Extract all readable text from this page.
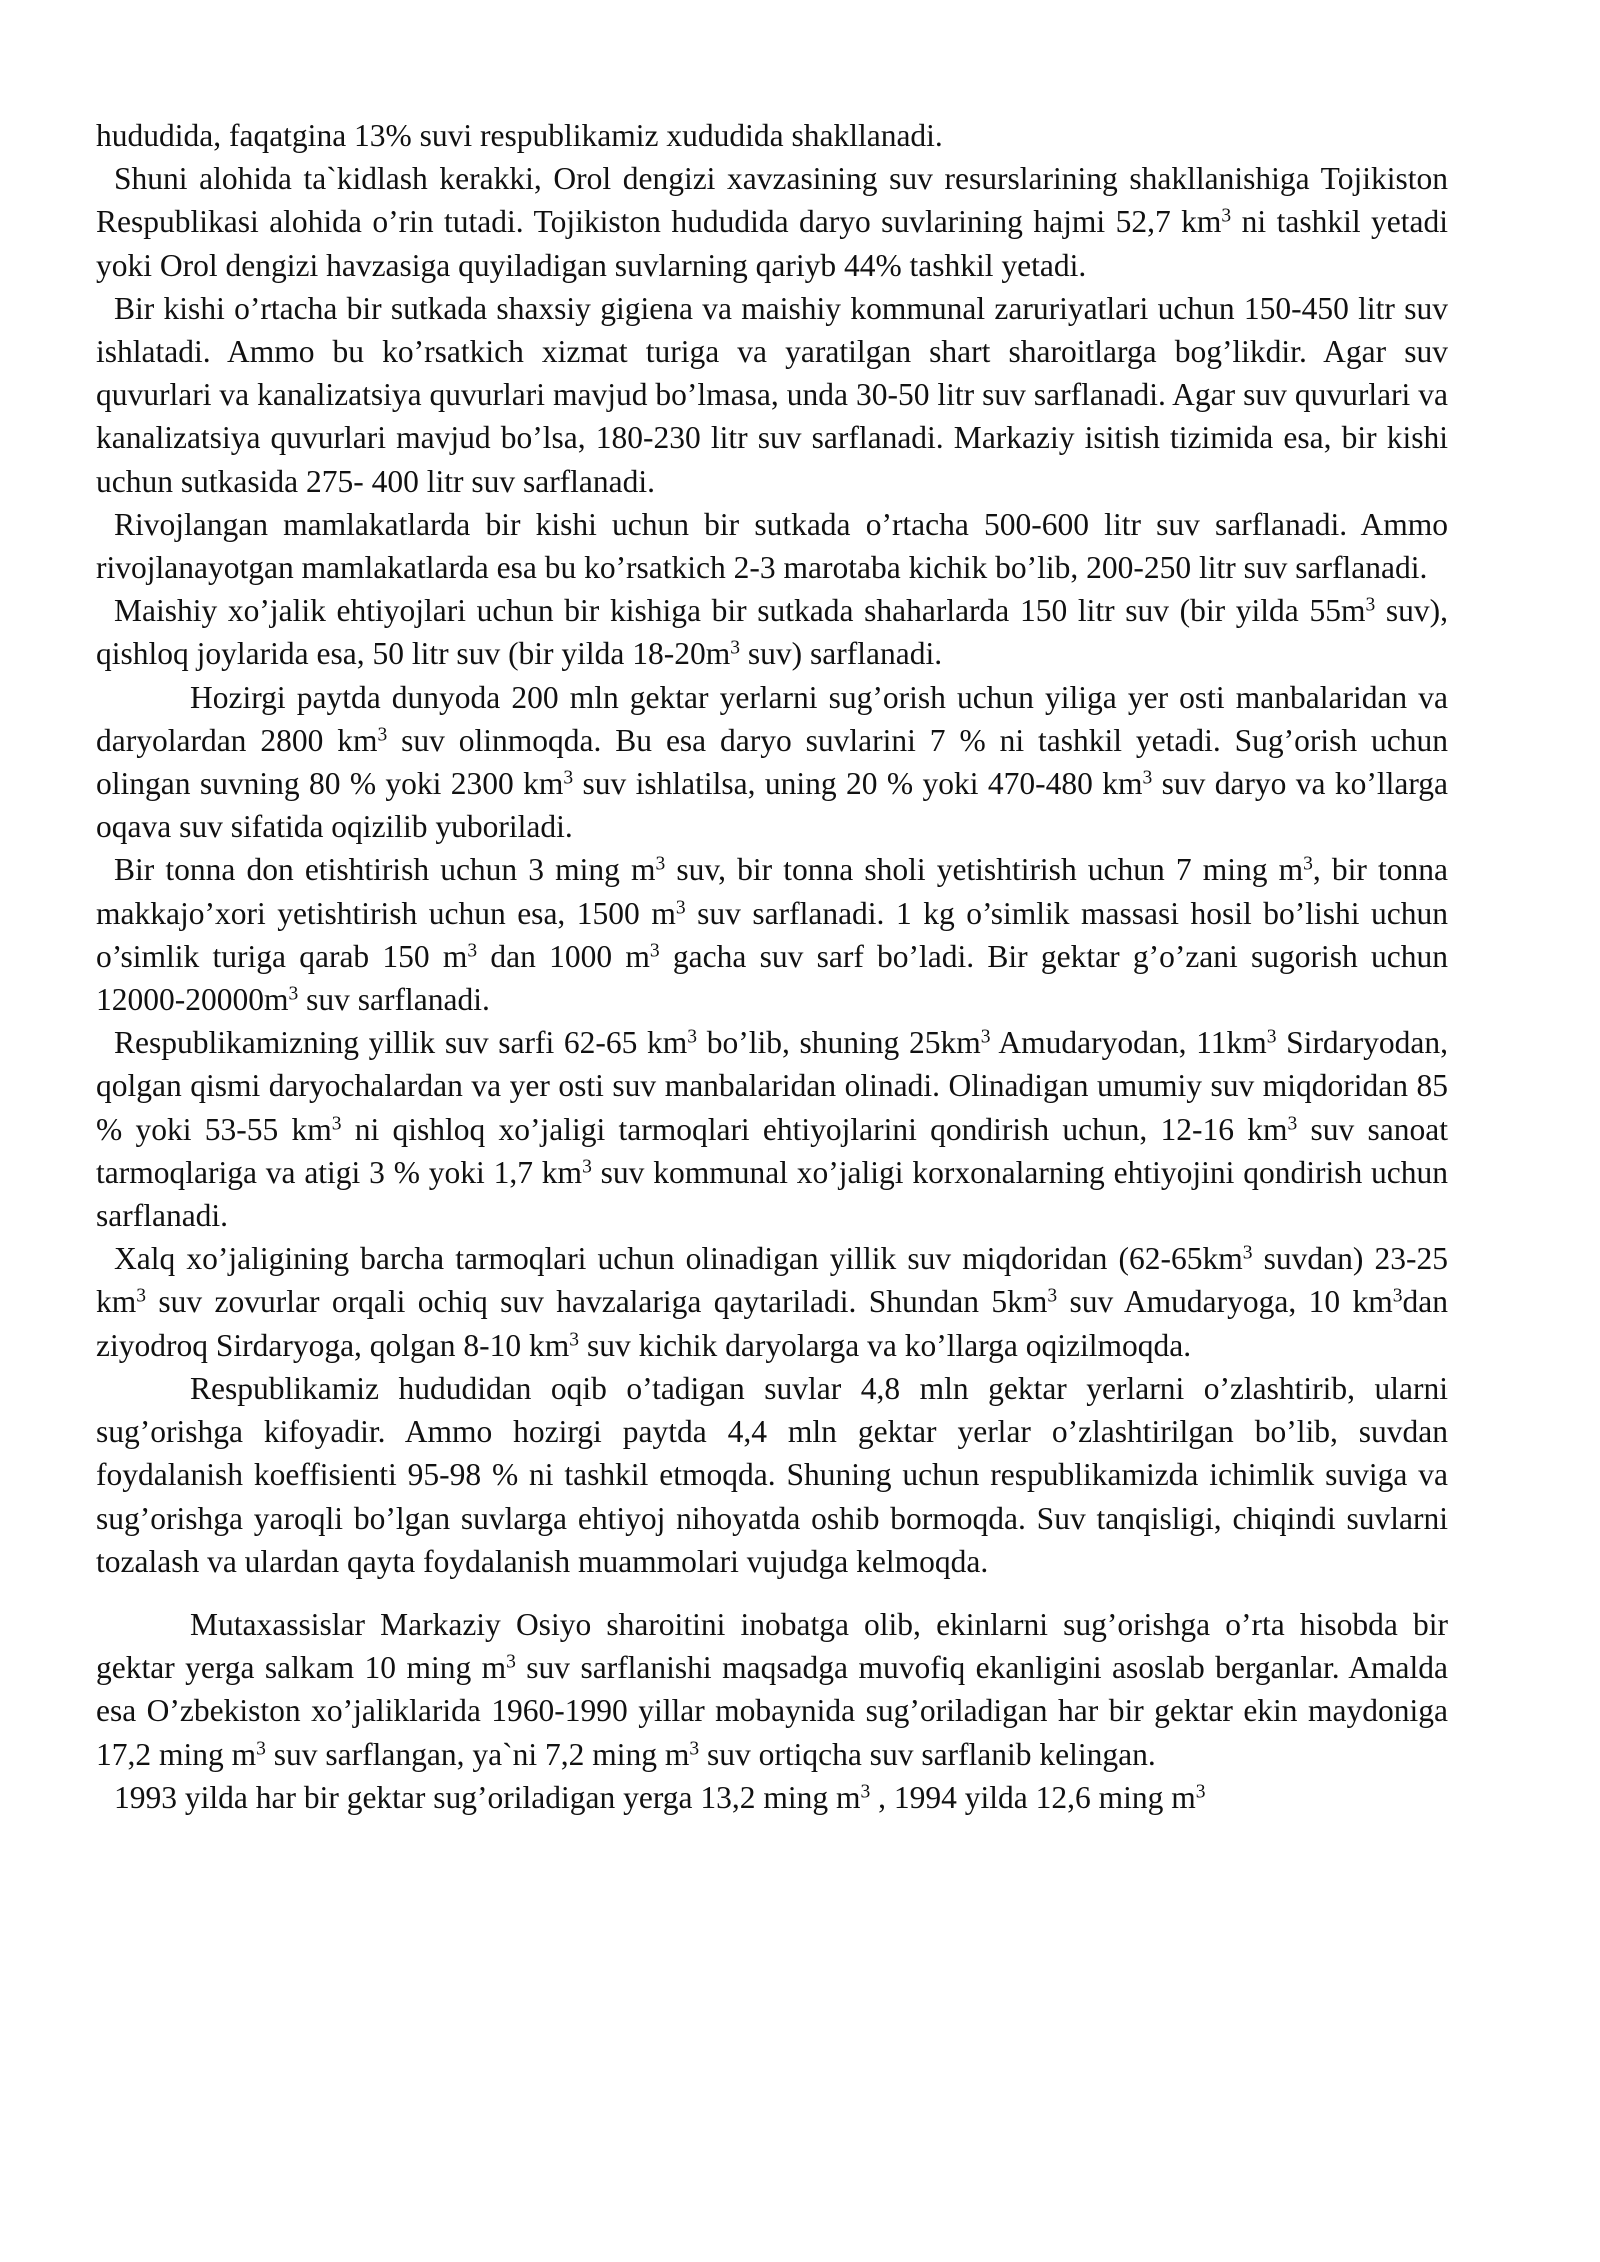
hududida, faqatgina 13% suvi respublikamiz xududida shakllanadi.

Shuni alohida ta`kidlash kerakki, Orol dengizi xavzasining suv resurslarining shakllanishiga Tojikiston Respublikasi alohida o’rin tutadi. Tojikiston hududida daryo suvlarining hajmi 52,7 $km^3$ ni tashkil yetadi yoki Orol dengizi havzasiga quyiladigan suvlarning qariyb 44% tashkil yetadi.

Bir kishi o’rtacha bir sutkada shaxsiy gigiena va maishiy kommunal zaruriyatlari uchun 150-450 litr suv ishlatadi. Ammo bu ko’rsatkich xizmat turiga va yaratilgan shart sharoitlarga bog’likdir. Agar suv quvurlari va kanalizatsiya quvurlari mavjud bo’lmasa, unda 30-50 litr suv sarflanadi. Agar suv quvurlari va kanalizatsiya quvurlari mavjud bo’lsa, 180-230 litr suv sarflanadi. Markaziy isitish tizimida esa, bir kishi uchun sutkasida 275- 400 litr suv sarflanadi.

Rivojlangan mamlakatlarda bir kishi uchun bir sutkada o’rtacha 500-600 litr suv sarflanadi. Ammo rivojlanayotgan mamlakatlarda esa bu ko’rsatkich 2-3 marotaba kichik bo’lib, 200-250 litr suv sarflanadi.

Maishiy xo’jalik ehtiyojlari uchun bir kishiga bir sutkada shaharlarda 150 litr suv (bir yilda $55m^3$ suv), qishloq joylarida esa, 50 litr suv (bir yilda $18-20m^3$ suv) sarflanadi.

Hozirgi paytda dunyoda 200 mln gektar yerlarni sug’orish uchun yiliga yer osti manbalaridan va daryolardan 2800 $km^3$ suv olinmoqda. Bu esa daryo suvlarini 7 % ni tashkil yetadi. Sug’orish uchun olingan suvning 80 % yoki 2300 $km^3$ suv ishlatilsa, uning 20 % yoki 470-480 $km^3$ suv daryo va ko’llarga oqava suv sifatida oqizilib yuboriladi.

Bir tonna don etishtirish uchun 3 ming $m^3$ suv, bir tonna sholi yetishtirish uchun 7 ming $m^3$, bir tonna makkajo’xori yetishtirish uchun esa, 1500 $m^3$ suv sarflanadi. 1 kg o’simlik massasi hosil bo’lishi uchun o’simlik turiga qarab 150 $m^3$ dan 1000 $m^3$ gacha suv sarf bo’ladi. Bir gektar g’o’zani sugorish uchun $12000-20000m^3$ suv sarflanadi.

Respublikamizning yillik suv sarfi 62-65 $km^3$ bo’lib, shuning $25km^3$ Amudaryodan, $11km^3$ Sirdaryodan, qolgan qismi daryochalardan va yer osti suv manbalaridan olinadi. Olinadigan umumiy suv miqdoridan 85 % yoki 53-55 $km^3$ ni qishloq xo’jaligi tarmoqlari ehtiyojlarini qondirish uchun, 12-16 $km^3$ suv sanoat tarmoqlariga va atigi 3 % yoki 1,7 $km^3$ suv kommunal xo’jaligi korxonalarning ehtiyojini qondirish uchun sarflanadi.

Xalq xo’jaligining barcha tarmoqlari uchun olinadigan yillik suv miqdoridan ($62-65km^3$ suvdan) 23-25 $km^3$ suv zovurlar orqali ochiq suv havzalariga qaytariladi. Shundan $5km^3$ suv Amudaryoga, 10 $km^3dan$ ziyodroq Sirdaryoga, qolgan 8-10 $km^3$ suv kichik daryolarga va ko’llarga oqizilmoqda.

Respublikamiz hududidan oqib o’tadigan suvlar 4,8 mln gektar yerlarni o’zlashtirib, ularni sug’orishga kifoyadir. Ammo hozirgi paytda 4,4 mln gektar yerlar o’zlashtirilgan bo’lib, suvdan foydalanish koeffisienti 95-98 % ni tashkil etmoqda. Shuning uchun respublikamizda ichimlik suviga va sug’orishga yaroqli bo’lgan suvlarga ehtiyoj nihoyatda oshib bormoqda. Suv tanqisligi, chiqindi suvlarni tozalash va ulardan qayta foydalanish muammolari vujudga kelmoqda.

Mutaxassislar Markaziy Osiyo sharoitini inobatga olib, ekinlarni sug’orishga o’rta hisobda bir gektar yerga salkam 10 ming $m^3$ suv sarflanishi maqsadga muvofiq ekanligini asoslab berganlar. Amalda esa O’zbekiston xo’jaliklarida 1960-1990 yillar mobaynida sug’oriladigan har bir gektar ekin maydoniga 17,2 ming $m^3$ suv sarflangan, ya`ni 7,2 ming $m^3$ suv ortiqcha suv sarflanib kelingan.

1993 yilda har bir gektar sug’oriladigan yerga 13,2 ming $m^3$ , 1994 yilda 12,6 ming $m^3$
